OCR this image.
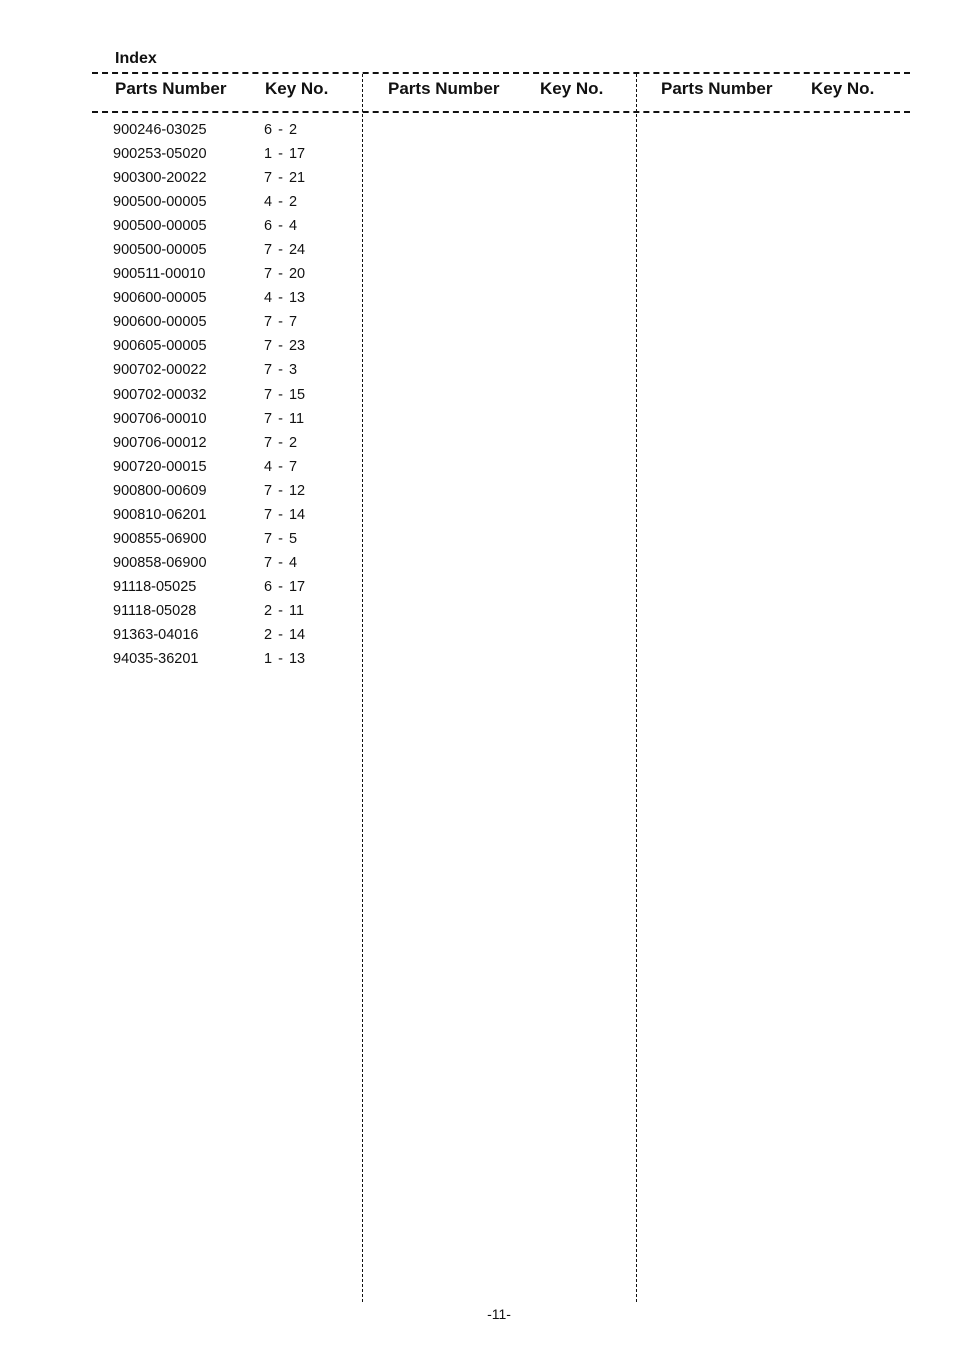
Index
Parts Number Key No.	Parts Number Key No.	Parts Number Key No.
900246-03025	6 - 2
900253-05020	1 - 17
900300-20022	7 - 21
900500-00005	4 - 2
900500-00005	6 - 4
900500-00005	7 - 24
900511-00010	7 - 20
900600-00005	4 - 13
900600-00005	7 - 7
900605-00005	7 - 23
900702-00022	7 - 3
900702-00032	7 - 15
900706-00010	7 - 11
900706-00012	7 - 2
900720-00015	4 - 7
900800-00609	7 - 12
900810-06201	7 - 14
900855-06900	7 - 5
900858-06900	7 - 4
91118-05025	6 - 17
91118-05028	2 - 11
91363-04016	2 - 14
94035-36201	1 - 13
-11-
